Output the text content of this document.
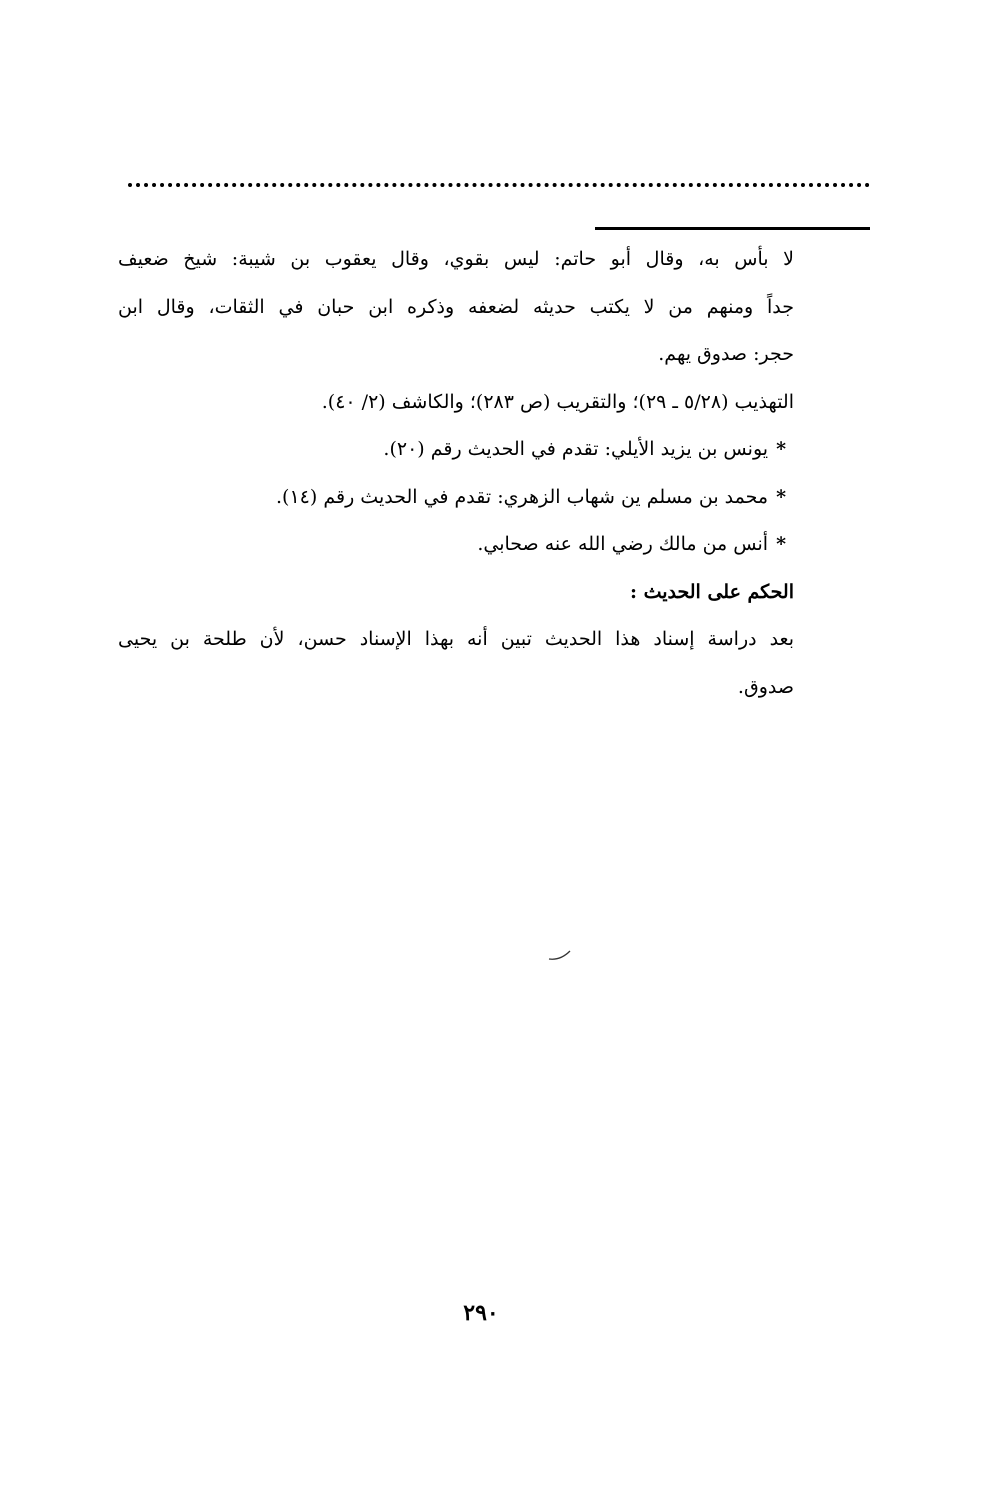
لا بأس به، وقال أبو حاتم: ليس بقوي، وقال يعقوب بن شيبة: شيخ ضعيف
جداً ومنهم من لا يكتب حديثه لضعفه وذكره ابن حبان في الثقات، وقال ابن
حجر: صدوق يهم.
التهذيب (٥/٢٨ ـ ٢٩)؛ والتقريب (ص ٢٨٣)؛ والكاشف (٢/ ٤٠).
*يونس بن يزيد الأيلي: تقدم في الحديث رقم (٢٠).
*محمد بن مسلم ين شهاب الزهري: تقدم في الحديث رقم (١٤).
*أنس من مالك رضي الله عنه صحابي.
الحكم على الحديث :
بعد دراسة إسناد هذا الحديث تبين أنه بهذا الإسناد حسن، لأن طلحة بن يحيى
صدوق.
٢٩٠
